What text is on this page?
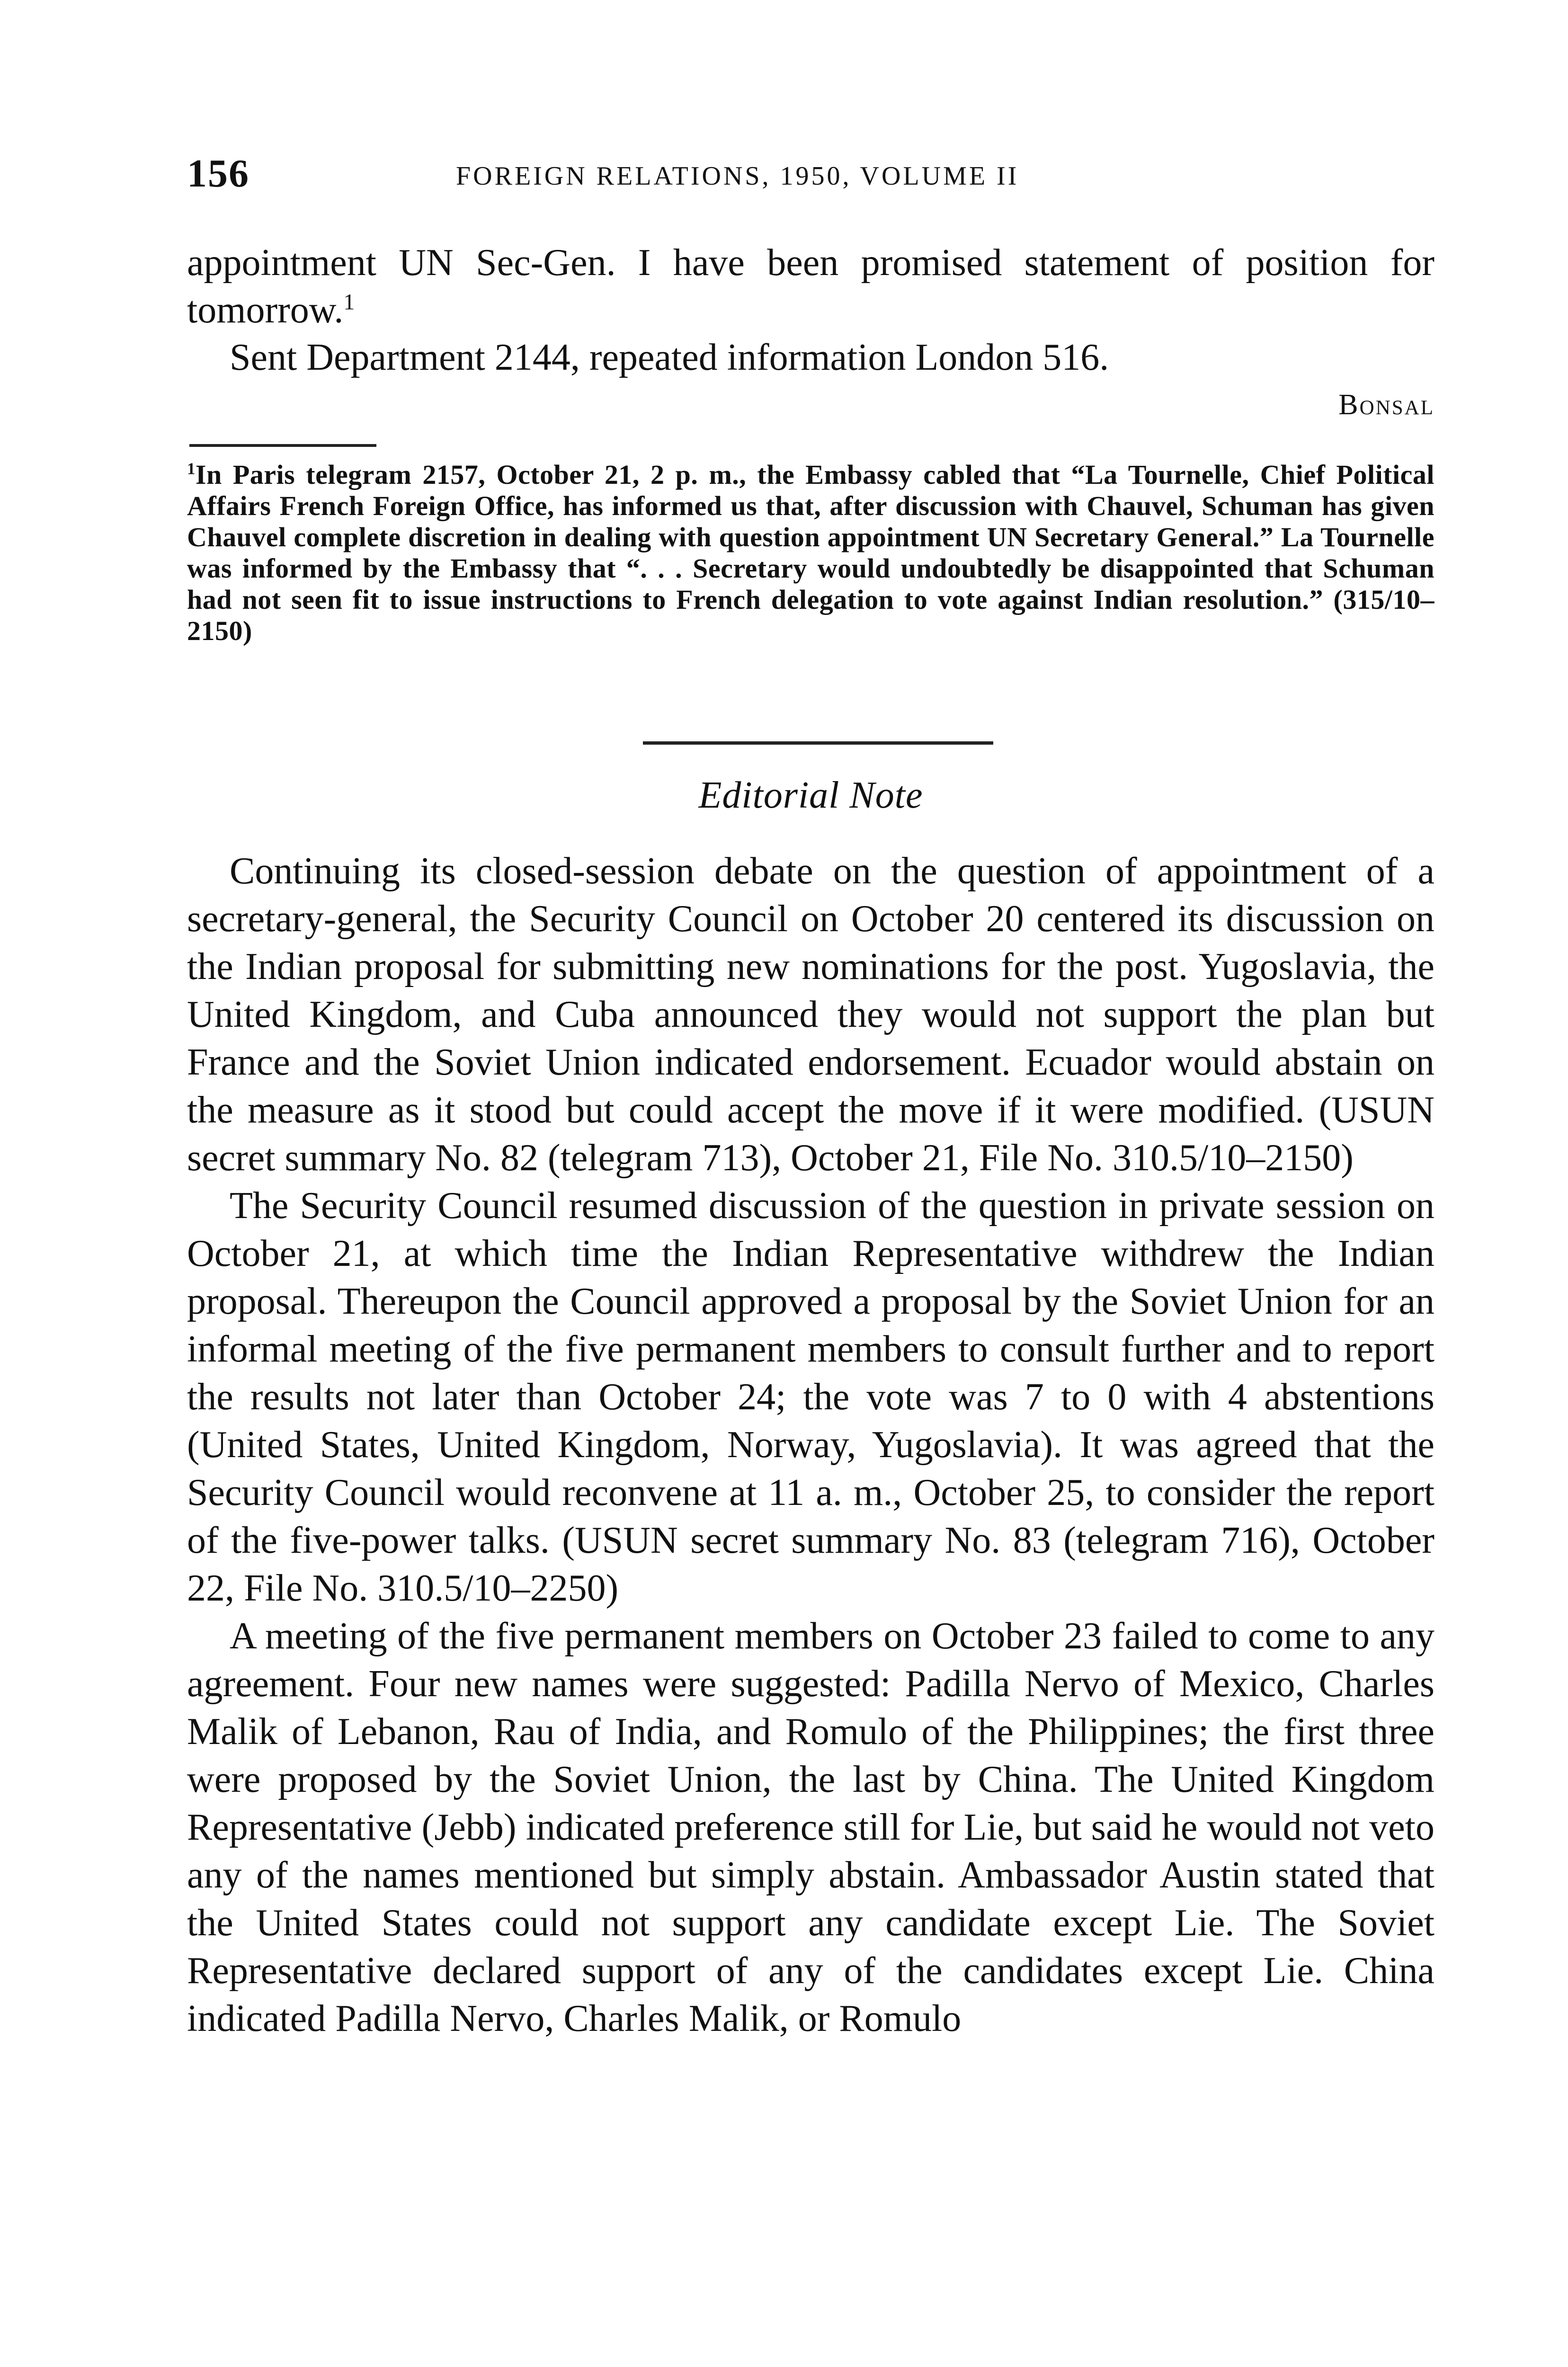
156	FOREIGN RELATIONS, 1950, VOLUME II

appointment UN Sec-Gen. I have been promised statement of position for tomorrow.$^1$

Sent Department 2144, repeated information London 516.

Bonsal

$^1$In Paris telegram 2157, October 21, 2 p. m., the Embassy cabled that “La Tournelle, Chief Political Affairs French Foreign Office, has informed us that, after discussion with Chauvel, Schuman has given Chauvel complete discretion in dealing with question appointment UN Secretary General.” La Tournelle was informed by the Embassy that “. . . Secretary would undoubtedly be disappointed that Schuman had not seen fit to issue instructions to French delegation to vote against Indian resolution.” (315/10–2150)
Editorial Note

Continuing its closed-session debate on the question of appointment of a secretary-general, the Security Council on October 20 centered its discussion on the Indian proposal for submitting new nominations for the post. Yugoslavia, the United Kingdom, and Cuba announced they would not support the plan but France and the Soviet Union indicated endorsement. Ecuador would abstain on the measure as it stood but could accept the move if it were modified. (USUN secret summary No. 82 (telegram 713), October 21, File No. 310.5/10–2150)

The Security Council resumed discussion of the question in private session on October 21, at which time the Indian Representative withdrew the Indian proposal. Thereupon the Council approved a proposal by the Soviet Union for an informal meeting of the five permanent members to consult further and to report the results not later than October 24; the vote was 7 to 0 with 4 abstentions (United States, United Kingdom, Norway, Yugoslavia). It was agreed that the Security Council would reconvene at 11 a. m., October 25, to consider the report of the five-power talks. (USUN secret summary No. 83 (telegram 716), October 22, File No. 310.5/10–2250)

A meeting of the five permanent members on October 23 failed to come to any agreement. Four new names were suggested: Padilla Nervo of Mexico, Charles Malik of Lebanon, Rau of India, and Romulo of the Philippines; the first three were proposed by the Soviet Union, the last by China. The United Kingdom Representative (Jebb) indicated preference still for Lie, but said he would not veto any of the names mentioned but simply abstain. Ambassador Austin stated that the United States could not support any candidate except Lie. The Soviet Representative declared support of any of the candidates except Lie. China indicated Padilla Nervo, Charles Malik, or Romulo
